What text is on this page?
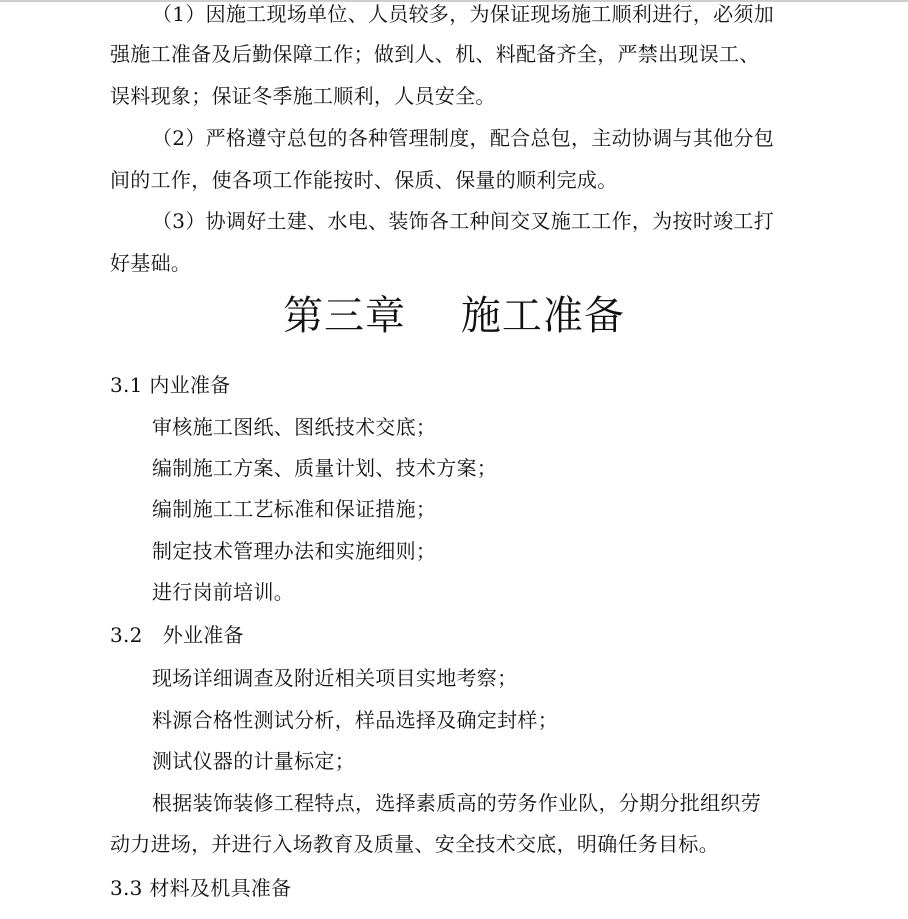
（1）因施工现场单位、人员较多，为保证现场施工顺利进行，必须加
强施工准备及后勤保障工作；做到人、机、料配备齐全，严禁出现误工、
误料现象；保证冬季施工顺利，人员安全。
（2）严格遵守总包的各种管理制度，配合总包，主动协调与其他分包
间的工作，使各项工作能按时、保质、保量的顺利完成。
（3）协调好土建、水电、装饰各工种间交叉施工工作，为按时竣工打
好基础。
第三章    施工准备
3.1 内业准备
审核施工图纸、图纸技术交底；
编制施工方案、质量计划、技术方案；
编制施工工艺标准和保证措施；
制定技术管理办法和实施细则；
进行岗前培训。
3.2   外业准备
现场详细调查及附近相关项目实地考察；
料源合格性测试分析，样品选择及确定封样；
测试仪器的计量标定；
根据装饰装修工程特点，选择素质高的劳务作业队，分期分批组织劳
动力进场，并进行入场教育及质量、安全技术交底，明确任务目标。
3.3 材料及机具准备
